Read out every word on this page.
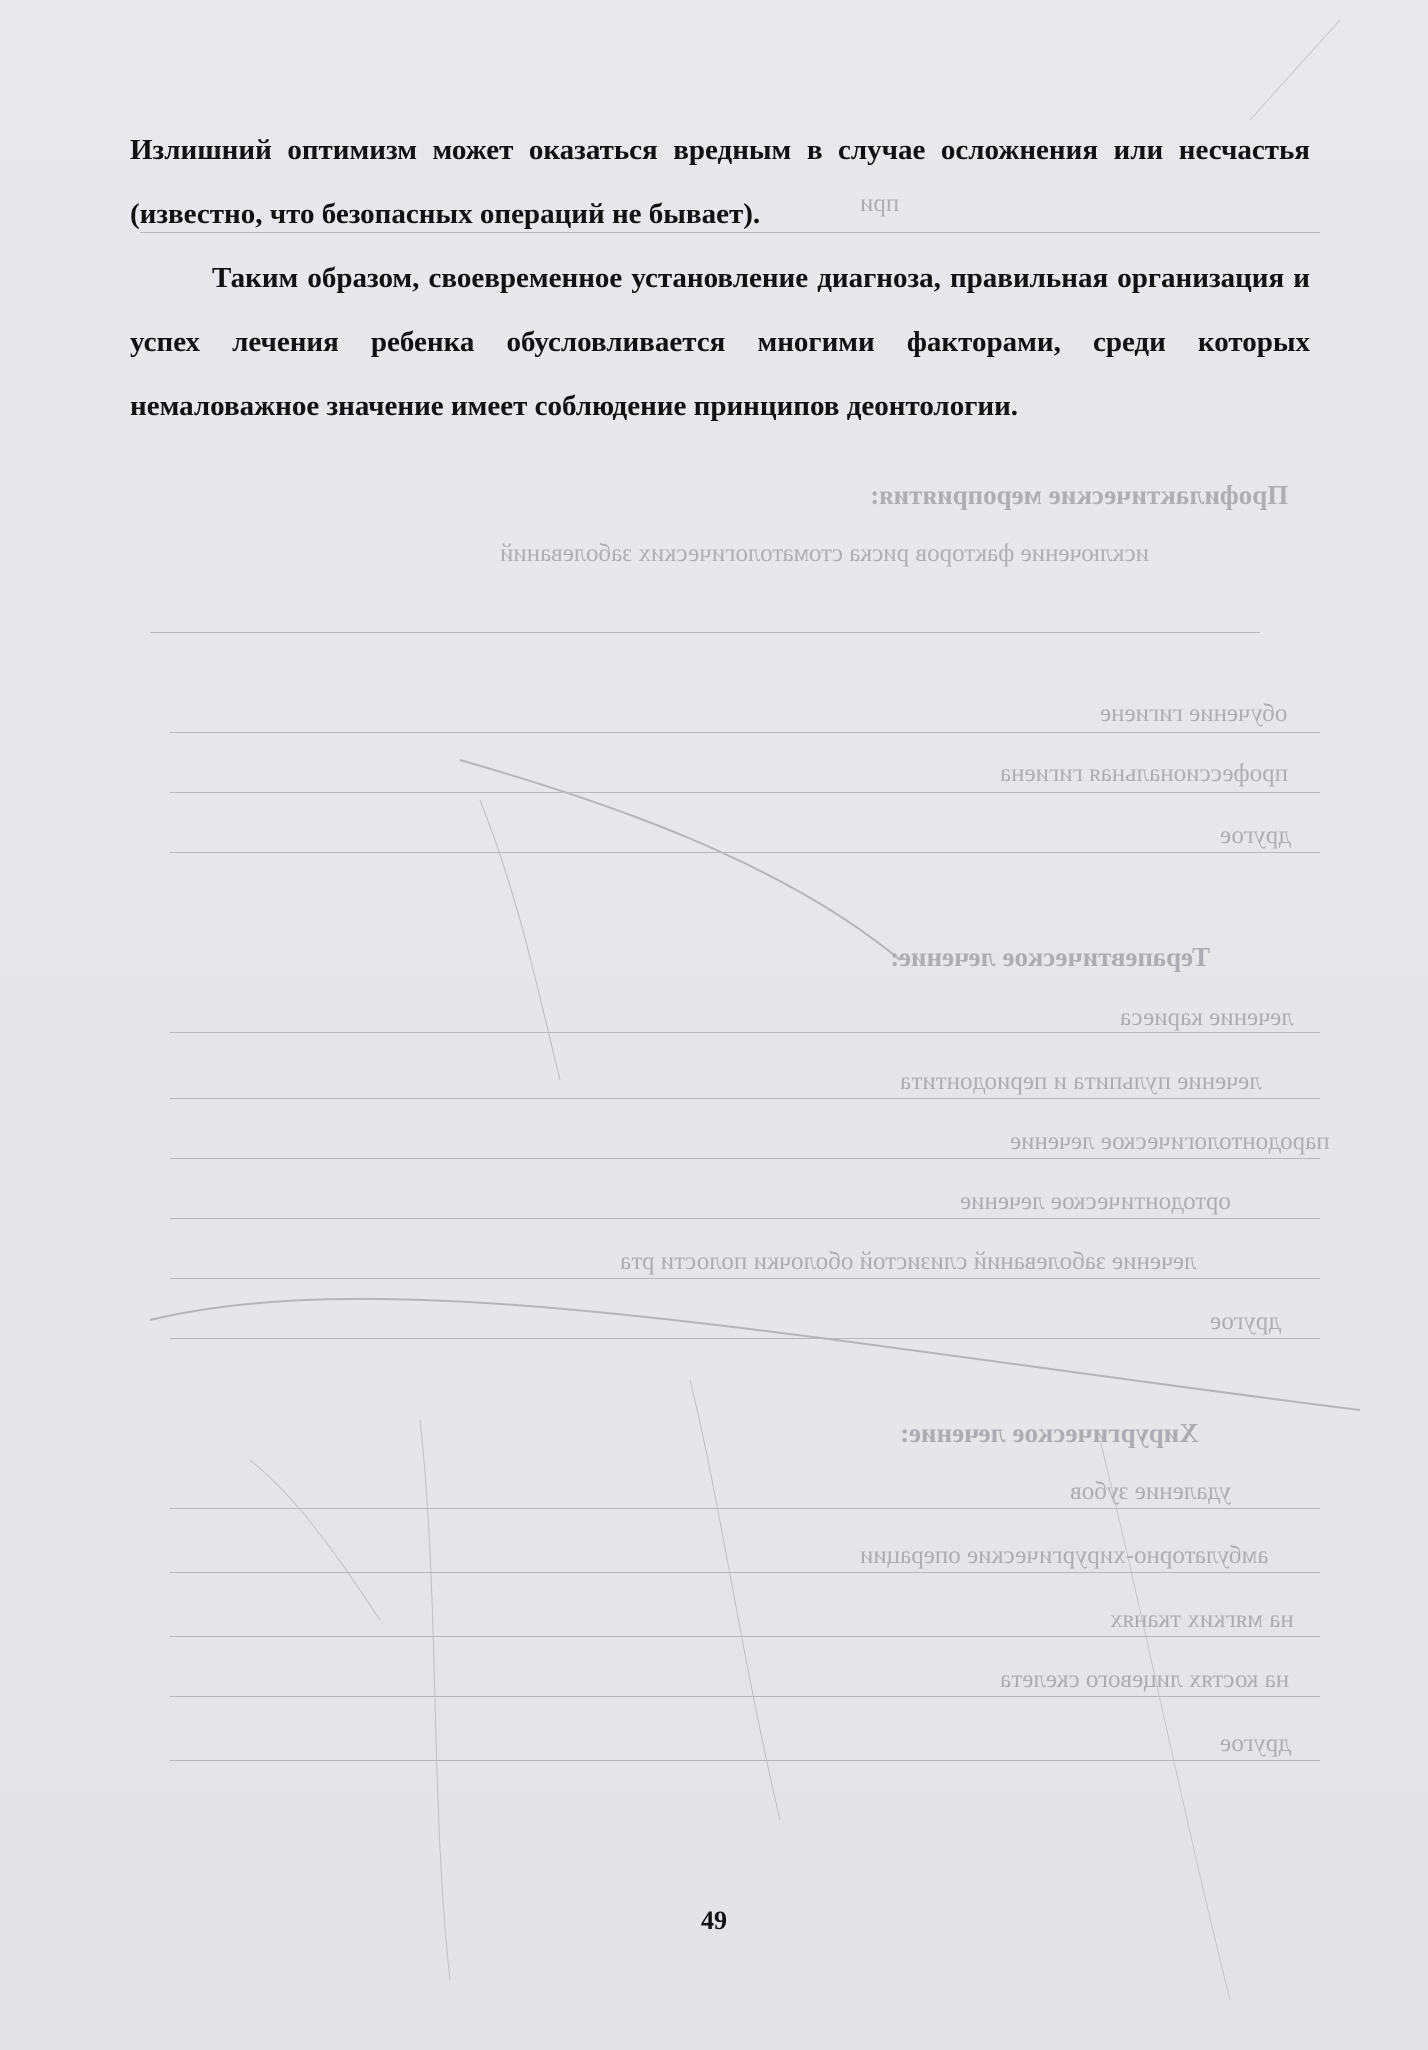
при
Профилактические мероприятия:
исключение факторов риска стоматологических заболеваний
обучение гигиене
профессиональная гигиена
другое
Терапевтическое лечение:
лечение кариеса
лечение пульпита и периодонтита
пародонтологическое лечение
ортодонтическое лечение
лечение заболеваний слизистой оболочки полости рта
другое
Хирургическое лечение:
удаление зубов
амбулаторно-хирургические операции
на мягких тканях
на костях лицевого скелета
другое

Излишний оптимизм может оказаться вредным в случае осложнения или несчастья (известно, что безопасных операций не бывает).

Таким образом, своевременное установление диагноза, правильная организация и успех лечения ребенка обусловливается многими факторами, среди которых немаловажное значение имеет соблюдение принципов деонтологии.

49
